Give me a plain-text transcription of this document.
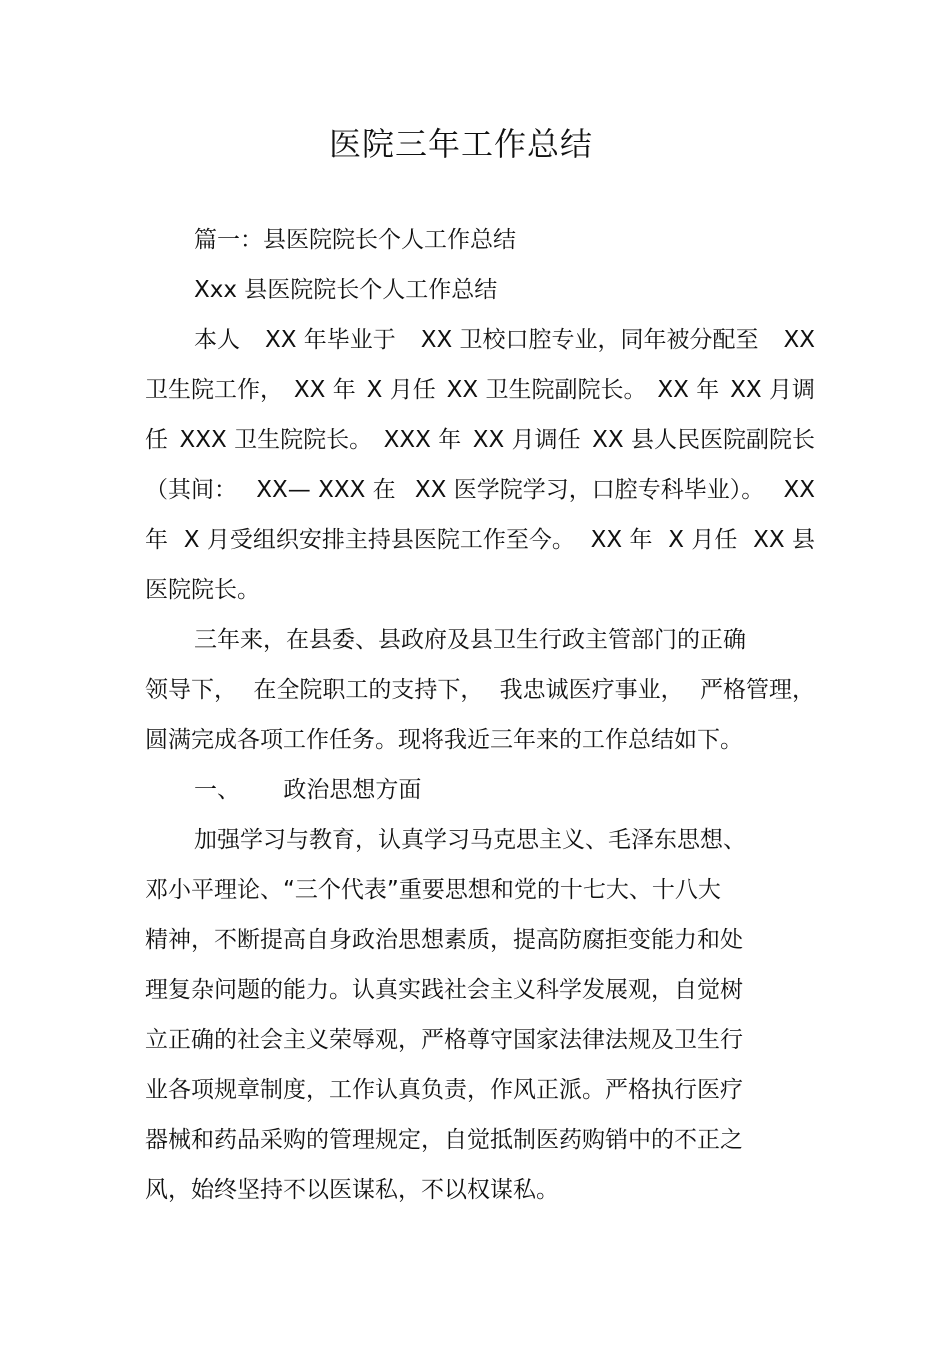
医院三年工作总结

篇一：县医院院长个人工作总结

Xxx 县医院院长个人工作总结

本人 XX 年毕业于 XX 卫校口腔专业，同年被分配至 XX

卫生院工作， XX 年 X 月任 XX 卫生院副院长。 XX 年 XX 月调

任 XXX 卫生院院长。 XXX 年 XX 月调任 XX 县人民医院副院长

（其间： XX— XXX 在 XX 医学院学习，口腔专科毕业）。 XX

年 X 月受组织安排主持县医院工作至今。 XX 年 X 月任 XX 县

医院院长。

三年来，在县委、县政府及县卫生行政主管部门的正确

领导下， 在全院职工的支持下， 我忠诚医疗事业， 严格管理，

圆满完成各项工作任务。现将我近三年来的工作总结如下。

一、 政治思想方面

加强学习与教育，认真学习马克思主义、毛泽东思想、

邓小平理论、“三个代表”重要思想和党的十七大、十八大

精神，不断提高自身政治思想素质，提高防腐拒变能力和处

理复杂问题的能力。认真实践社会主义科学发展观，自觉树

立正确的社会主义荣辱观，严格尊守国家法律法规及卫生行

业各项规章制度，工作认真负责，作风正派。严格执行医疗

器械和药品采购的管理规定，自觉抵制医药购销中的不正之

风，始终坚持不以医谋私，不以权谋私。
